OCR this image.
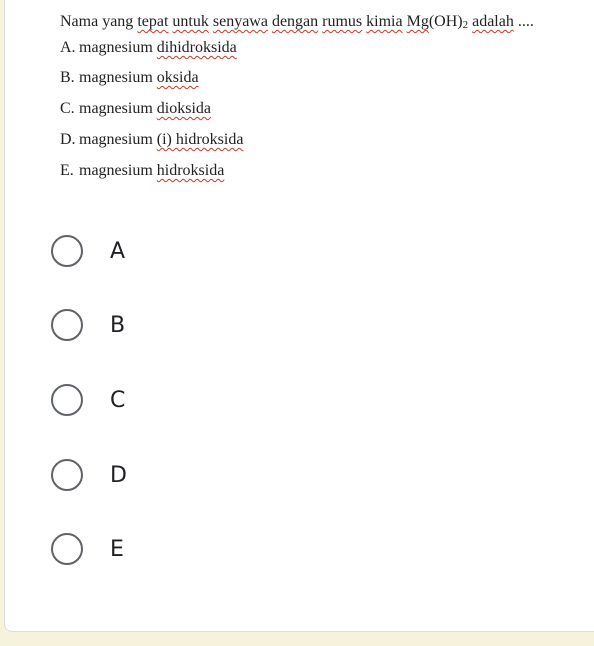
Nama yang tepat untuk senyawa dengan rumus kimia Mg(OH)2 adalah ....
A. magnesium dihidroksida
B. magnesium oksida
C. magnesium dioksida
D. magnesium (i) hidroksida
E. magnesium hidroksida
A
B
C
D
E
